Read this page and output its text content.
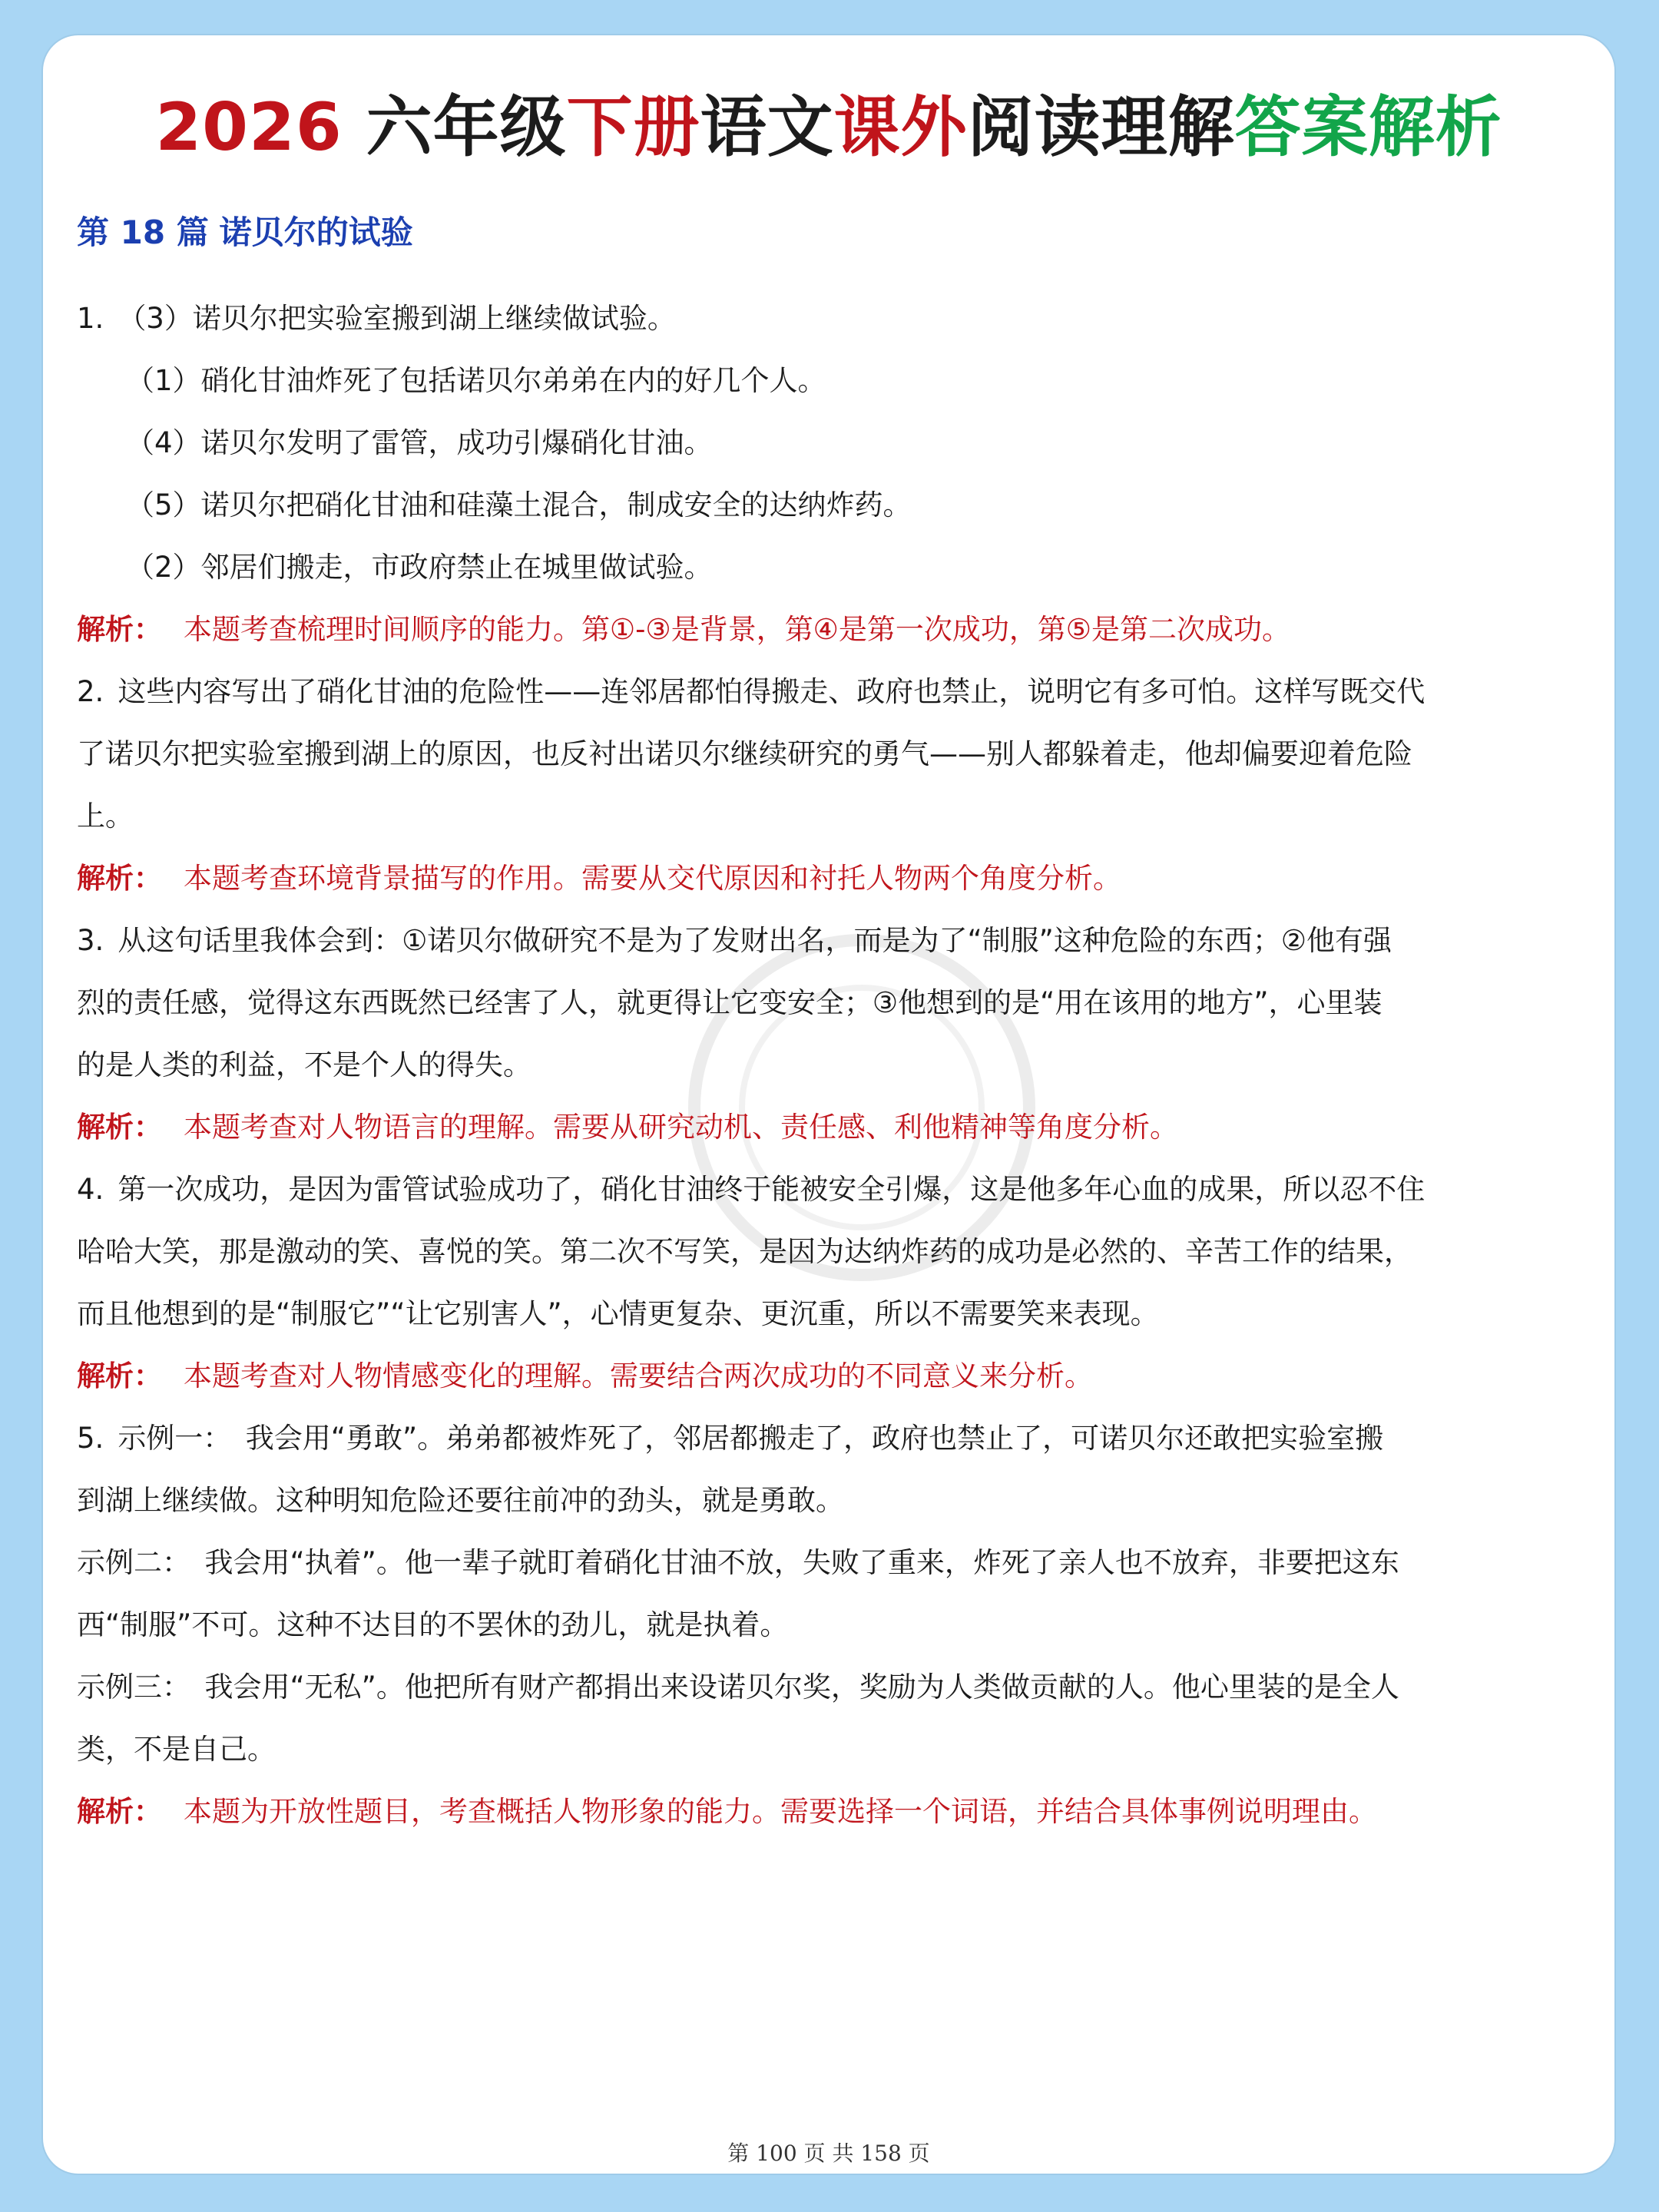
2026 六年级下册语文课外阅读理解答案解析
第 18 篇 诺贝尔的试验

1. （3）诺贝尔把实验室搬到湖上继续做试验。

（1）硝化甘油炸死了包括诺贝尔弟弟在内的好几个人。

（4）诺贝尔发明了雷管，成功引爆硝化甘油。

（5）诺贝尔把硝化甘油和硅藻土混合，制成安全的达纳炸药。

（2）邻居们搬走，市政府禁止在城里做试验。

解析： 本题考查梳理时间顺序的能力。第①-③是背景，第④是第一次成功，第⑤是第二次成功。

2. 这些内容写出了硝化甘油的危险性——连邻居都怕得搬走、政府也禁止，说明它有多可怕。这样写既交代

了诺贝尔把实验室搬到湖上的原因，也反衬出诺贝尔继续研究的勇气——别人都躲着走，他却偏要迎着危险

上。

解析： 本题考查环境背景描写的作用。需要从交代原因和衬托人物两个角度分析。

3. 从这句话里我体会到：①诺贝尔做研究不是为了发财出名，而是为了“制服”这种危险的东西；②他有强

烈的责任感，觉得这东西既然已经害了人，就更得让它变安全；③他想到的是“用在该用的地方”，心里装

的是人类的利益，不是个人的得失。

解析： 本题考查对人物语言的理解。需要从研究动机、责任感、利他精神等角度分析。

4. 第一次成功，是因为雷管试验成功了，硝化甘油终于能被安全引爆，这是他多年心血的成果，所以忍不住

哈哈大笑，那是激动的笑、喜悦的笑。第二次不写笑，是因为达纳炸药的成功是必然的、辛苦工作的结果，

而且他想到的是“制服它”“让它别害人”，心情更复杂、更沉重，所以不需要笑来表现。

解析： 本题考查对人物情感变化的理解。需要结合两次成功的不同意义来分析。

5. 示例一：　我会用“勇敢”。弟弟都被炸死了，邻居都搬走了，政府也禁止了，可诺贝尔还敢把实验室搬

到湖上继续做。这种明知危险还要往前冲的劲头，就是勇敢。

示例二：　我会用“执着”。他一辈子就盯着硝化甘油不放，失败了重来，炸死了亲人也不放弃，非要把这东

西“制服”不可。这种不达目的不罢休的劲儿，就是执着。

示例三：　我会用“无私”。他把所有财产都捐出来设诺贝尔奖，奖励为人类做贡献的人。他心里装的是全人

类，不是自己。

解析： 本题为开放性题目，考查概括人物形象的能力。需要选择一个词语，并结合具体事例说明理由。

第 100 页 共 158 页
